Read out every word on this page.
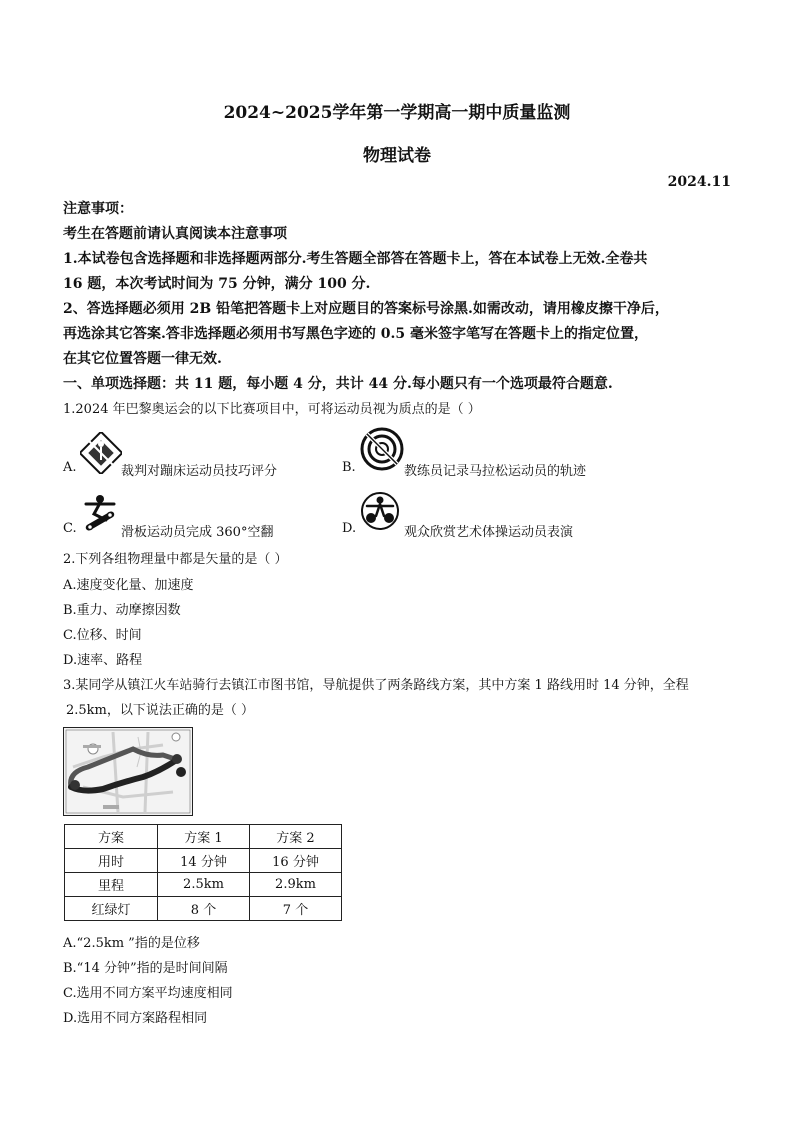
2024~2025学年第一学期高一期中质量监测
物理试卷
2024.11
注意事项：
考生在答题前请认真阅读本注意事项
1.本试卷包含选择题和非选择题两部分.考生答题全部答在答题卡上，答在本试卷上无效.全卷共
16 题，本次考试时间为 75 分钟，满分 100 分.
2、答选择题必须用 2B 铅笔把答题卡上对应题目的答案标号涂黑.如需改动，请用橡皮擦干净后，
再选涂其它答案.答非选择题必须用书写黑色字迹的 0.5 毫米签字笔写在答题卡上的指定位置，
在其它位置答题一律无效.
一、单项选择题：共 11 题，每小题 4 分，共计 44 分.每小题只有一个选项最符合题意.
1.2024 年巴黎奥运会的以下比赛项目中，可将运动员视为质点的是（ ）
A.	裁判对蹦床运动员技巧评分	B.	教练员记录马拉松运动员的轨迹
C.	滑板运动员完成 360°空翻	D.	观众欣赏艺术体操运动员表演
2.下列各组物理量中都是矢量的是（ ）
A.速度变化量、加速度
B.重力、动摩擦因数
C.位移、时间
D.速率、路程
3.某同学从镇江火车站骑行去镇江市图书馆，导航提供了两条路线方案，其中方案 1 路线用时 14 分钟，全程
2.5km，以下说法正确的是（ ）
方案	方案 1	方案 2
用时	14 分钟	16 分钟
里程	2.5km	2.9km
红绿灯	8 个	7 个
A.“2.5km ”指的是位移
B.“14 分钟”指的是时间间隔
C.选用不同方案平均速度相同
D.选用不同方案路程相同
